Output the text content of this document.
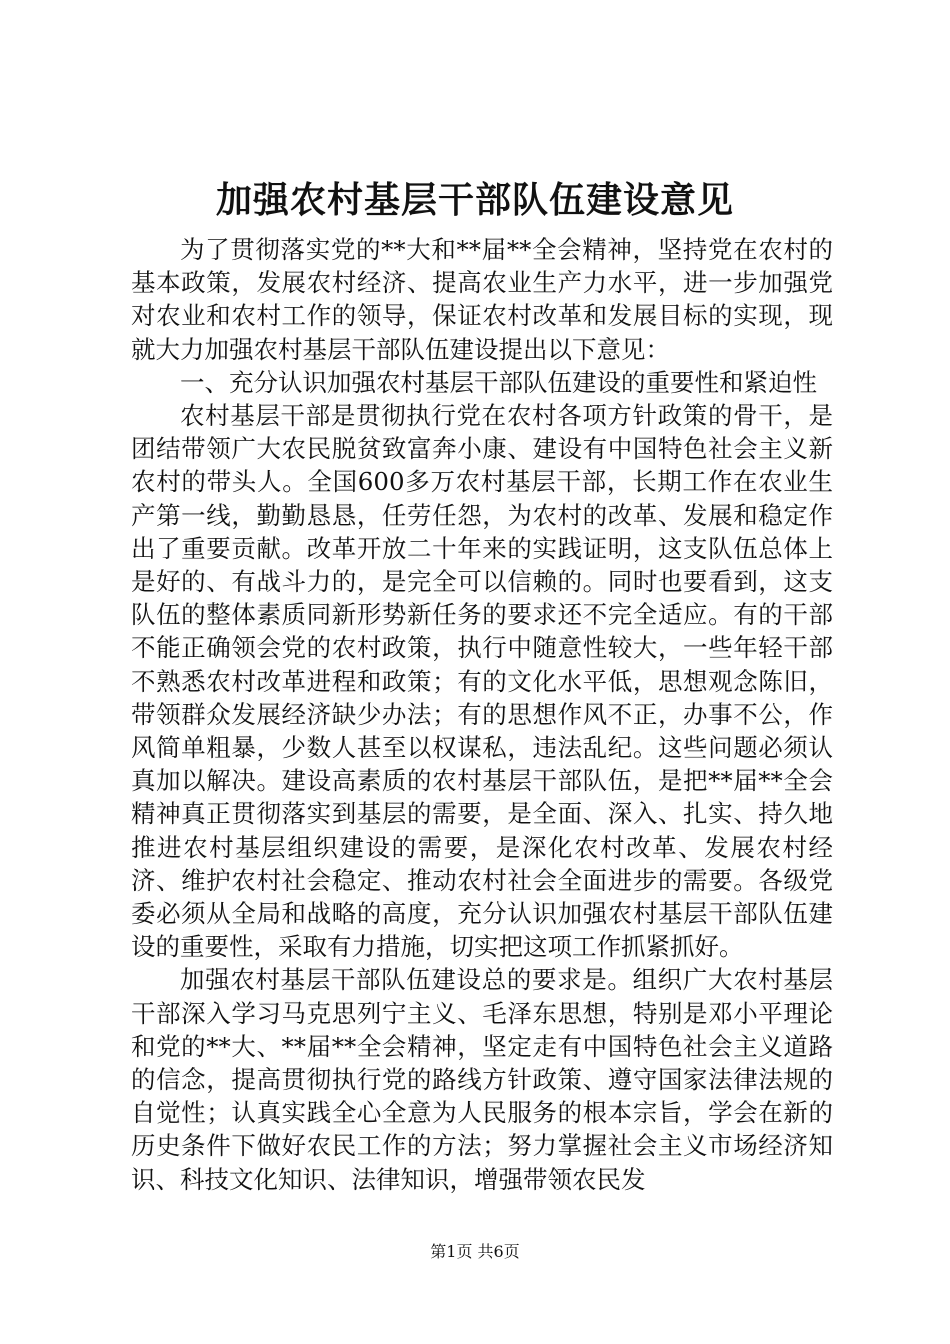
加强农村基层干部队伍建设意见

为了贯彻落实党的**大和**届**全会精神，坚持党在农村的基本政策，发展农村经济、提高农业生产力水平，进一步加强党对农业和农村工作的领导，保证农村改革和发展目标的实现，现就大力加强农村基层干部队伍建设提出以下意见：

一、充分认识加强农村基层干部队伍建设的重要性和紧迫性

农村基层干部是贯彻执行党在农村各项方针政策的骨干，是团结带领广大农民脱贫致富奔小康、建设有中国特色社会主义新农村的带头人。全国600多万农村基层干部，长期工作在农业生产第一线，勤勤恳恳，任劳任怨，为农村的改革、发展和稳定作出了重要贡献。改革开放二十年来的实践证明，这支队伍总体上是好的、有战斗力的，是完全可以信赖的。同时也要看到，这支队伍的整体素质同新形势新任务的要求还不完全适应。有的干部不能正确领会党的农村政策，执行中随意性较大，一些年轻干部不熟悉农村改革进程和政策；有的文化水平低，思想观念陈旧，带领群众发展经济缺少办法；有的思想作风不正，办事不公，作风简单粗暴，少数人甚至以权谋私，违法乱纪。这些问题必须认真加以解决。建设高素质的农村基层干部队伍，是把**届**全会精神真正贯彻落实到基层的需要，是全面、深入、扎实、持久地推进农村基层组织建设的需要，是深化农村改革、发展农村经济、维护农村社会稳定、推动农村社会全面进步的需要。各级党委必须从全局和战略的高度，充分认识加强农村基层干部队伍建设的重要性，采取有力措施，切实把这项工作抓紧抓好。

加强农村基层干部队伍建设总的要求是。组织广大农村基层干部深入学习马克思列宁主义、毛泽东思想，特别是邓小平理论和党的**大、**届**全会精神，坚定走有中国特色社会主义道路的信念，提高贯彻执行党的路线方针政策、遵守国家法律法规的自觉性；认真实践全心全意为人民服务的根本宗旨，学会在新的历史条件下做好农民工作的方法；努力掌握社会主义市场经济知识、科技文化知识、法律知识，增强带领农民发

第1页 共6页
